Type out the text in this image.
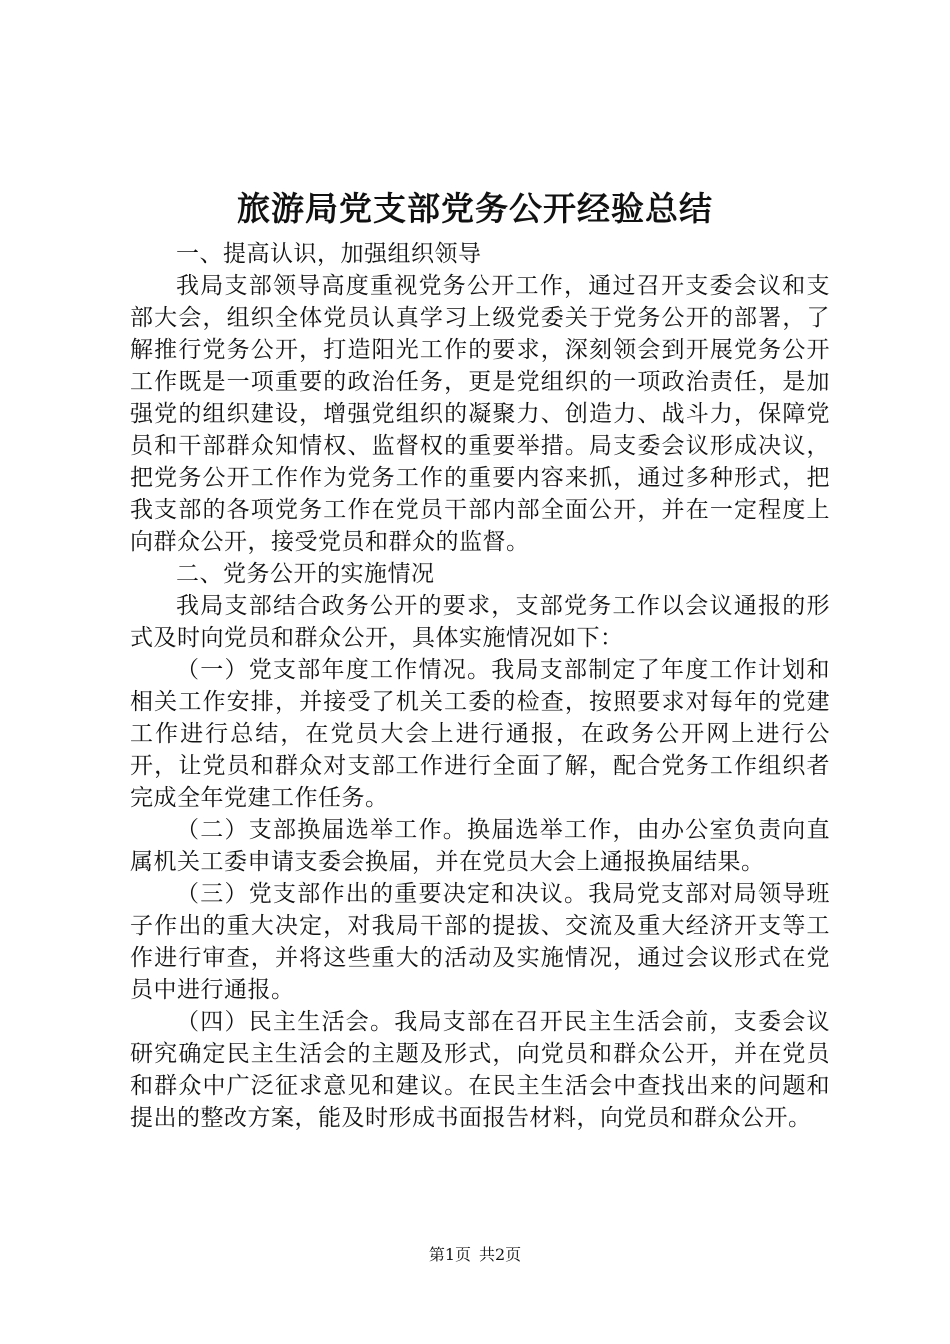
旅游局党支部党务公开经验总结

一、提高认识，加强组织领导

我局支部领导高度重视党务公开工作，通过召开支委会议和支部大会，组织全体党员认真学习上级党委关于党务公开的部署，了解推行党务公开，打造阳光工作的要求，深刻领会到开展党务公开工作既是一项重要的政治任务，更是党组织的一项政治责任，是加强党的组织建设，增强党组织的凝聚力、创造力、战斗力，保障党员和干部群众知情权、监督权的重要举措。局支委会议形成决议，把党务公开工作作为党务工作的重要内容来抓，通过多种形式，把我支部的各项党务工作在党员干部内部全面公开，并在一定程度上向群众公开，接受党员和群众的监督。

二、党务公开的实施情况

我局支部结合政务公开的要求，支部党务工作以会议通报的形式及时向党员和群众公开，具体实施情况如下：

（一）党支部年度工作情况。我局支部制定了年度工作计划和相关工作安排，并接受了机关工委的检查，按照要求对每年的党建工作进行总结，在党员大会上进行通报，在政务公开网上进行公开，让党员和群众对支部工作进行全面了解，配合党务工作组织者完成全年党建工作任务。

（二）支部换届选举工作。换届选举工作，由办公室负责向直属机关工委申请支委会换届，并在党员大会上通报换届结果。

（三）党支部作出的重要决定和决议。我局党支部对局领导班子作出的重大决定，对我局干部的提拔、交流及重大经济开支等工作进行审查，并将这些重大的活动及实施情况，通过会议形式在党员中进行通报。

（四）民主生活会。我局支部在召开民主生活会前，支委会议研究确定民主生活会的主题及形式，向党员和群众公开，并在党员和群众中广泛征求意见和建议。在民主生活会中查找出来的问题和提出的整改方案，能及时形成书面报告材料，向党员和群众公开。

第1页 共2页
